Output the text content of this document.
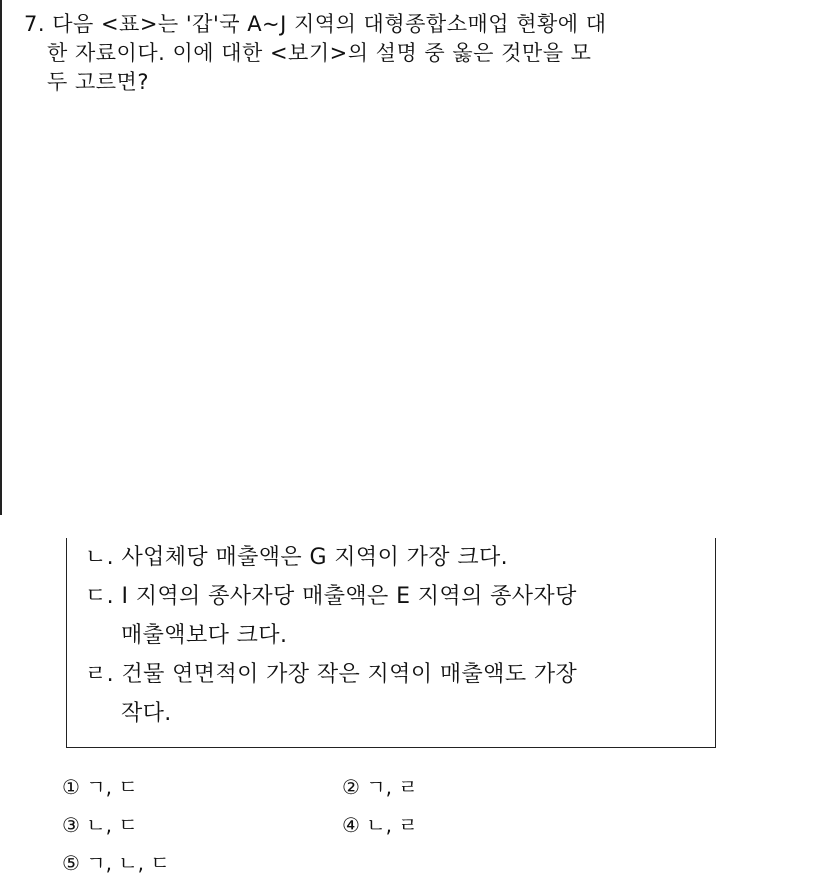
7. 다음 <표>는 '갑'국 A~J 지역의 대형종합소매업 현황에 대
한 자료이다. 이에 대한 <보기>의 설명 중 옳은 것만을 모
두 고르면?
ㄴ. 사업체당 매출액은 G 지역이 가장 크다.
ㄷ. I 지역의 종사자당 매출액은 E 지역의 종사자당
매출액보다 크다.
ㄹ. 건물 연면적이 가장 작은 지역이 매출액도 가장
작다.
① ㄱ, ㄷ	② ㄱ, ㄹ
③ ㄴ, ㄷ	④ ㄴ, ㄹ
⑤ ㄱ, ㄴ, ㄷ
